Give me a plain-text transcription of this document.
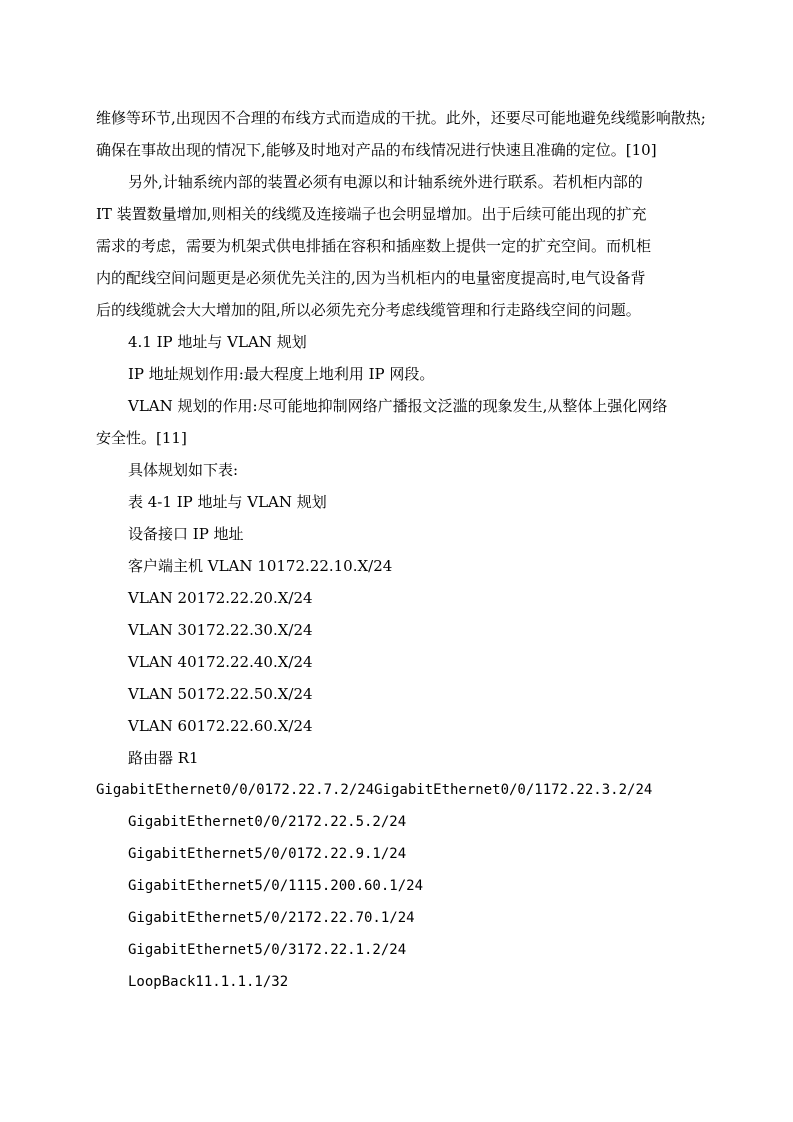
维修等环节,出现因不合理的布线方式而造成的干扰。此外，还要尽可能地避免线缆影响散热;
确保在事故出现的情况下,能够及时地对产品的布线情况进行快速且准确的定位。[10]
另外,计轴系统内部的装置必须有电源以和计轴系统外进行联系。若机柜内部的
IT 装置数量增加,则相关的线缆及连接端子也会明显增加。出于后续可能出现的扩充
需求的考虑，需要为机架式供电排插在容积和插座数上提供一定的扩充空间。而机柜
内的配线空间问题更是必须优先关注的,因为当机柜内的电量密度提高时,电气设备背
后的线缆就会大大增加的阻,所以必须先充分考虑线缆管理和行走路线空间的问题。
4.1 IP 地址与 VLAN 规划
IP 地址规划作用:最大程度上地利用 IP 网段。
VLAN 规划的作用:尽可能地抑制网络广播报文泛滥的现象发生,从整体上强化网络
安全性。[11]
具体规划如下表:
表 4-1 IP 地址与 VLAN 规划
设备接口 IP 地址
客户端主机 VLAN 10172.22.10.X/24
VLAN 20172.22.20.X/24
VLAN 30172.22.30.X/24
VLAN 40172.22.40.X/24
VLAN 50172.22.50.X/24
VLAN 60172.22.60.X/24
路由器 R1
GigabitEthernet0/0/0172.22.7.2/24GigabitEthernet0/0/1172.22.3.2/24
GigabitEthernet0/0/2172.22.5.2/24
GigabitEthernet5/0/0172.22.9.1/24
GigabitEthernet5/0/1115.200.60.1/24
GigabitEthernet5/0/2172.22.70.1/24
GigabitEthernet5/0/3172.22.1.2/24
LoopBack11.1.1.1/32
